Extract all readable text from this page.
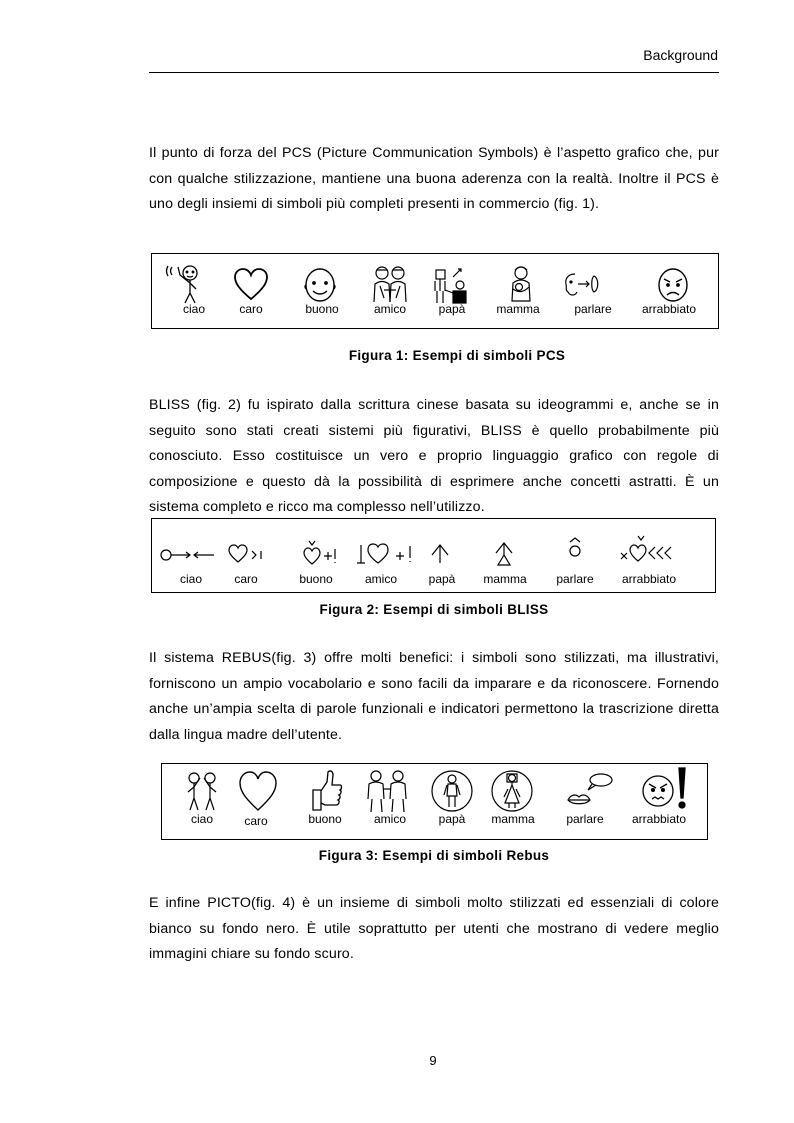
Background

Il punto di forza del PCS (Picture Communication Symbols) è l’aspetto grafico che, pur con qualche stilizzazione, mantiene una buona aderenza con la realtà. Inoltre il PCS è uno degli insiemi di simboli più completi presenti in commercio (fig. 1).

ciao	caro	buono	amico	papà	mamma	parlare	arrabbiato
Figura 1: Esempi di simboli PCS

BLISS (fig. 2) fu ispirato dalla scrittura cinese basata su ideogrammi e, anche se in seguito sono stati creati sistemi più figurativi, BLISS è quello probabilmente più conosciuto. Esso costituisce un vero e proprio linguaggio grafico con regole di composizione e questo dà la possibilità di esprimere anche concetti astratti. È un sistema completo e ricco ma complesso nell’utilizzo.

ciao	caro	buono	amico	papà mamma parlare arrabbiato
Figura 2: Esempi di simboli BLISS

Il sistema REBUS(fig. 3) offre molti benefici: i simboli sono stilizzati, ma illustrativi, forniscono un ampio vocabolario e sono facili da imparare e da riconoscere. Fornendo anche un’ampia scelta di parole funzionali e indicatori permettono la trascrizione diretta dalla lingua madre dell’utente.

ciao	caro	buono	amico	papà mamma	parlare arrabbiato
Figura 3: Esempi di simboli Rebus

E infine PICTO(fig. 4) è un insieme di simboli molto stilizzati ed essenziali di colore bianco su fondo nero. È utile soprattutto per utenti che mostrano di vedere meglio immagini chiare su fondo scuro.

9
